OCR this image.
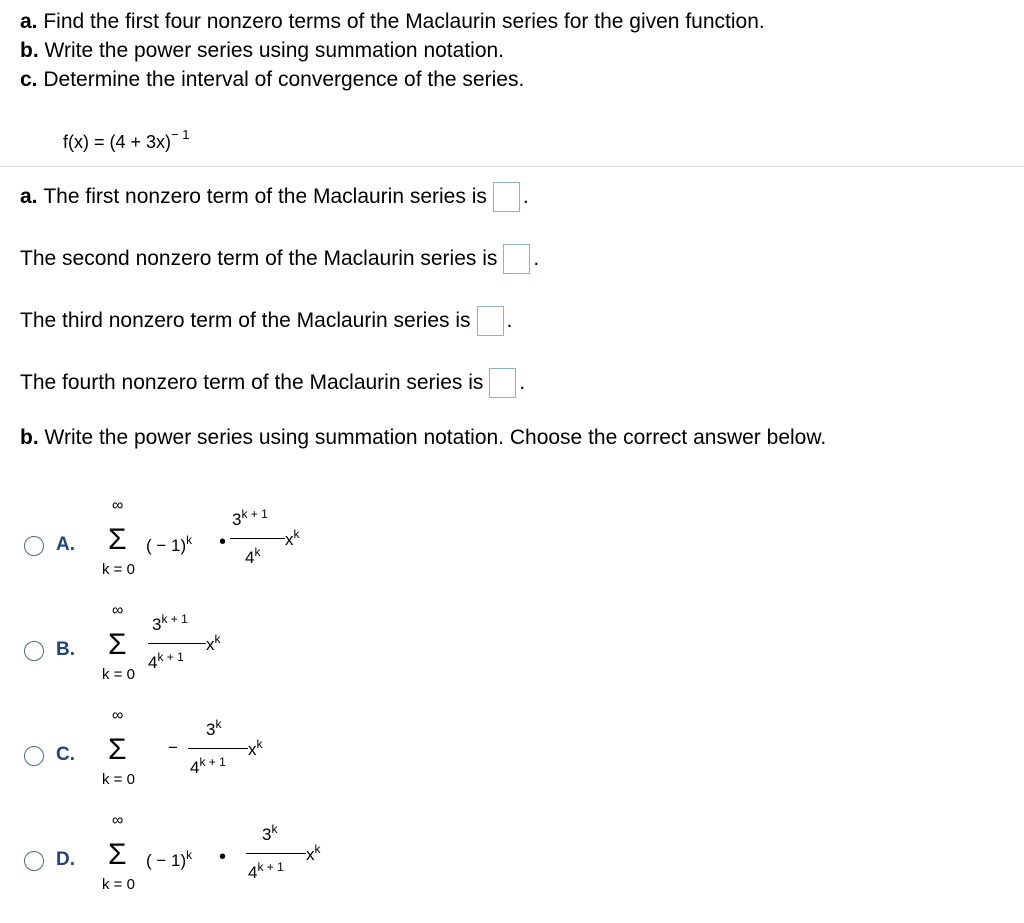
a. Find the first four nonzero terms of the Maclaurin series for the given function.
b. Write the power series using summation notation.
c. Determine the interval of convergence of the series.
$f(x) = (4 + 3x)^{- 1}$
a.
The first nonzero term of the Maclaurin series is .
The second nonzero term of the Maclaurin series is .
The third nonzero term of the Maclaurin series is .
The fourth nonzero term of the Maclaurin series is .
b. Write the power series using summation notation. Choose the correct answer below.
A.
∞
Σ
k = 0
( − 1)$^k$ •
$3^{k + 1}$
4$^k$
$x^k$
B.
∞
Σ
k = 0
$3^{k + 1}$
$4^{k + 1}$
$x^k$
C.
∞
Σ
k = 0
−
$3^k$
$4^{k + 1}$
$x^k$
D.
∞
Σ
k = 0
( − 1)$^k$ •
3$^k$
$4^{k + 1}$
$x^k$
